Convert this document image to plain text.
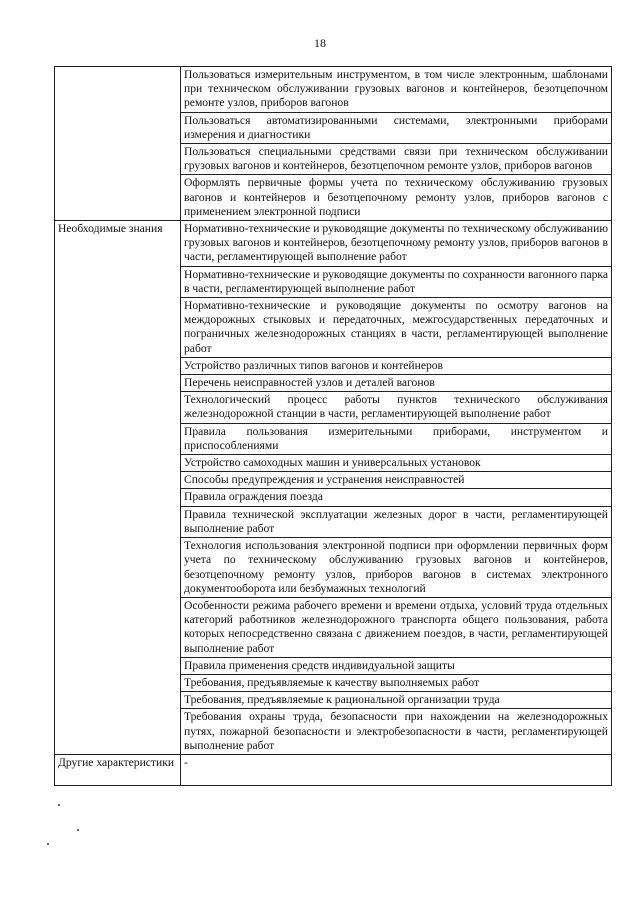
18
	Пользоваться измерительным инструментом, в том числе электронным, шаблонами при техническом обслуживании грузовых вагонов и контейнеров, безотцепочном ремонте узлов, приборов вагонов
	Пользоваться автоматизированными системами, электронными приборами измерения и диагностики
	Пользоваться специальными средствами связи при техническом обслуживании грузовых вагонов и контейнеров, безотцепочном ремонте узлов, приборов вагонов
	Оформлять первичные формы учета по техническому обслуживанию грузовых вагонов и контейнеров и безотцепочному ремонту узлов, приборов вагонов с применением электронной подписи
Необходимые знания	Нормативно-технические и руководящие документы по техническому обслуживанию грузовых вагонов и контейнеров, безотцепочному ремонту узлов, приборов вагонов в части, регламентирующей выполнение работ
	Нормативно-технические и руководящие документы по сохранности вагонного парка в части, регламентирующей выполнение работ
	Нормативно-технические и руководящие документы по осмотру вагонов на междорожных стыковых и передаточных, межгосударственных передаточных и пограничных железнодорожных станциях в части, регламентирующей выполнение работ
	Устройство различных типов вагонов и контейнеров
	Перечень неисправностей узлов и деталей вагонов
	Технологический процесс работы пунктов технического обслуживания железнодорожной станции в части, регламентирующей выполнение работ
	Правила пользования измерительными приборами, инструментом и приспособлениями
	Устройство самоходных машин и универсальных установок
	Способы предупреждения и устранения неисправностей
	Правила ограждения поезда
	Правила технической эксплуатации железных дорог в части, регламентирующей выполнение работ
	Технология использования электронной подписи при оформлении первичных форм учета по техническому обслуживанию грузовых вагонов и контейнеров, безотцепочному ремонту узлов, приборов вагонов в системах электронного документооборота или безбумажных технологий
	Особенности режима рабочего времени и времени отдыха, условий труда отдельных категорий работников железнодорожного транспорта общего пользования, работа которых непосредственно связана с движением поездов, в части, регламентирующей выполнение работ
	Правила применения средств индивидуальной защиты
	Требования, предъявляемые к качеству выполняемых работ
	Требования, предъявляемые к рациональной организации труда
	Требования охраны труда, безопасности при нахождении на железнодорожных путях, пожарной безопасности и электробезопасности в части, регламентирующей выполнение работ
Другие характеристики	-
